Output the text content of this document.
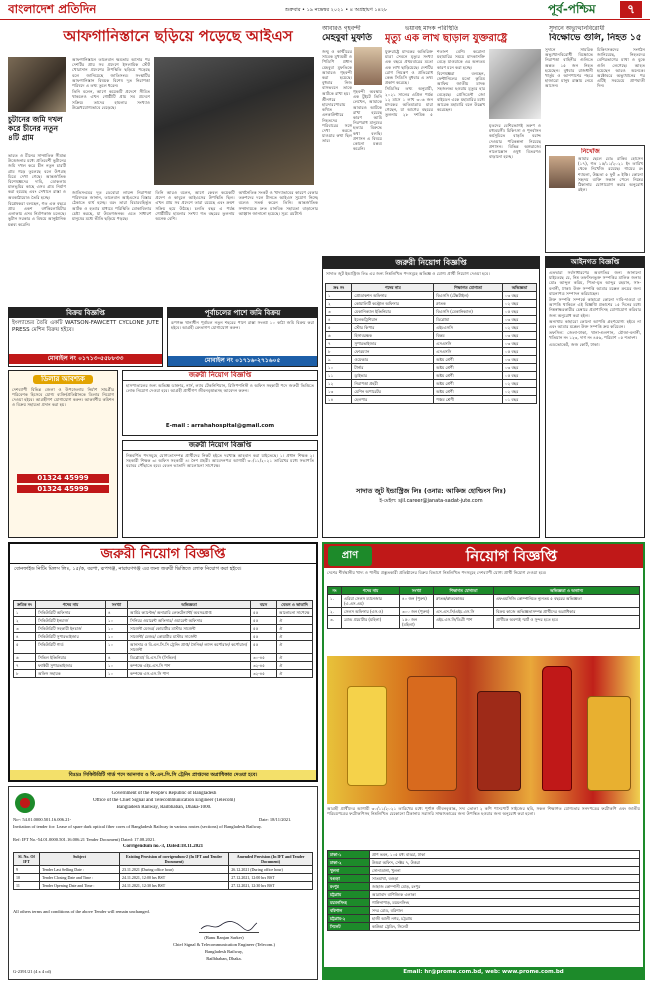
বাংলাদেশ প্রতিদিন	শুক্রবার • ১৯ নভেম্বর ২০২১ • ৪ অগ্রহায়ণ ১৪২৮	পূর্ব-পশ্চিম	৭
আফগানিস্তানে ছড়িয়ে পড়েছে আইএস
চুটানের জমি দখল করে চীনের নতুন ৪টি গ্রাম

ভারত ও চীনের সাম্প্রতিক সীমান্ত উত্তেজনার মধ্যে প্রতিবেশী ভুটানের জমি দখল করে চীন নতুন চারটি গ্রাম গড়ে তুলেছে বলে উপগ্রহ চিত্রে দেখা গেছে। আন্তর্জাতিক বিশেষজ্ঞদের দাবি, ডোকলাম মালভূমির কাছে এসব গ্রাম নির্মাণ করা হয়েছে এবং সেখানে রাস্তা ও অবকাঠামোও তৈরি হচ্ছে।

বিশ্লেষকরা বলছেন, গত এক বছরে প্রায় একশ বর্গকিলোমিটার এলাকায় এসব নির্মাণকাজ চলেছে। ভুটান সরকার এ বিষয়ে আনুষ্ঠানিক মন্তব্য করেনি।

আফগানিস্তানে তালেবান ক্ষমতায় আসার পর দেশটির প্রায় সব প্রদেশে ইসলামিক স্টেট খোরাসান প্রদেশের উপস্থিতি ছড়িয়ে পড়েছে বলে জানিয়েছে জাতিসংঘ। সংস্থাটির আফগানিস্তান বিষয়ক বিশেষ দূত নিরাপত্তা পরিষদে এ তথ্য তুলে ধরেন।

তিনি বলেন, আগে কয়েকটি প্রদেশে সীমিত থাকলেও এখন গোষ্ঠীটি প্রায় সব প্রদেশে সক্রিয়। তাদের হামলার সংখ্যাও উল্লেখযোগ্যভাবে বেড়েছে।

জাতিসংঘের দূত ডেবোরা লায়ন্স নিরাপত্তা পরিষদকে জানান, তালেবান আইএসের বিস্তার ঠেকাতে ব্যর্থ হচ্ছে। বরং তারা বিচারবহির্ভূত আটক ও হত্যার মাধ্যমে পরিস্থিতি মোকাবিলার চেষ্টা করছে, যা উদ্বেগজনক। এতে সাধারণ মানুষের মধ্যে ভীতি ছড়িয়ে পড়ছে।

তিনি আরও বলেন, আগে কেবল কয়েকটি প্রদেশ ও কাবুলে আইএসের উপস্থিতি ছিল। এখন প্রায় সব প্রদেশে তারা রয়েছে এবং ক্রমশ সক্রিয় হয়ে উঠছে। চলতি বছর এ পর্যন্ত গোষ্ঠীটির হামলার সংখ্যা গত বছরের তুলনায় অনেক বেশি।

অর্থনৈতিক সংকট ও খাদ্যাভাবের কারণে বেকার তরুণদের দলে টানতে আইএস সুযোগ নিচ্ছে বলেও সতর্ক করেন তিনি। আন্তর্জাতিক সম্প্রদায়কে দ্রুত মানবিক সহায়তা বাড়ানোর আহ্বান জানানো হয়েছে। সূত্র: রয়টার্স।

আবারও গৃহবন্দী
মেহবুবা মুফতি

জম্মু ও কাশ্মীরের সাবেক মুখ্যমন্ত্রী ও পিডিপি প্রধান মেহবুবা মুফতিকে আবারও গৃহবন্দী করা হয়েছে। বুধবার নিজ বাসভবনে তাকে আটকে রাখা হয়।

শ্রীনগরে হায়দারপোরায় কথিত এনকাউন্টারে নিহতদের পরিবারের সঙ্গে দেখা করতে যাওয়ার কথা ছিল তার।

গৃহবন্দী অবস্থায় এক টুইটে তিনি লেখেন, আমাকে আবারও আটকে রাখা হয়েছে কারণ আমি নিরপরাধ মানুষের হত্যার বিরুদ্ধে কথা বলছি। প্রশাসন এ বিষয়ে কোনো মন্তব্য করেনি।

ভয়াবহ মাদক পরিস্থিতি
মৃত্যু এক লাখ ছাড়াল যুক্তরাষ্ট্রে

যুক্তরাষ্ট্রে মাদকের অতিরিক্ত মাত্রা সেবনে মৃত্যুর সংখ্যা এক বছরে প্রথমবারের মতো এক লাখ ছাড়িয়েছে। দেশটির রোগ নিয়ন্ত্রণ ও প্রতিরোধ কেন্দ্র সিডিসি বুধবার এ তথ্য প্রকাশ করেছে।

সিডিসির তথ্য অনুযায়ী, ২০২১ সালের এপ্রিল পর্যন্ত ১২ মাসে ১ লাখ ৩০৬ জন মাদকের অতিমাত্রায় মারা গেছেন, যা আগের বছরের তুলনায় ২৮ দশমিক ৫ শতাংশ বেশি। করোনা মহামারির সময়ে মাদকাসক্তি বেড়ে যাওয়াকে এর অন্যতম কারণ মনে করা হচ্ছে।

বিশেষজ্ঞরা বলছেন, ফেন্টানিলের মতো কৃত্রিম আফিম জাতীয় মাদক সহজলভ্য হওয়ায় মৃত্যুর হার বেড়েছে। প্রেসিডেন্ট জো বাইডেন একে মহামারির মধ্যে আরেক মহামারি বলে উল্লেখ করেছেন।

মৃতদের বেশিরভাগই তরুণ ও মধ্যবয়সী। চিকিৎসা ও পুনর্বাসন কর্মসূচিতে বাড়তি বরাদ্দ দেওয়ার পরিকল্পনা নিয়েছে প্রশাসন। বিভিন্ন অঙ্গরাজ্যে নালোক্সোন ওষুধ বিতরণও বাড়ানো হচ্ছে।

সুদানে অভ্যুত্থানবিরোধী
বিক্ষোভে গুলি, নিহত ১৫

সুদানে সামরিক অভ্যুত্থানবিরোধী বিক্ষোভে নিরাপত্তা বাহিনীর গুলিতে অন্তত ১৫ জন নিহত হয়েছেন। বুধবার রাজধানী খার্তুম ও আশপাশের শহরে হাজারো মানুষ রাস্তায় নেমে আসেন।

চিকিৎসকদের সংগঠন জানিয়েছে, নিহতদের বেশিরভাগের মাথা ও বুকে গুলি লেগেছে। আহত হয়েছেন আরও অনেকে। অক্টোবরে অভ্যুত্থানের পর এটিই সবচেয়ে প্রাণঘাতী দিন।

নিখোঁজ

আমার ছেলে মোঃ রাকিব হোসেন (১৭), গত ১৫/১১/২০২১ ইং তারিখ থেকে নিখোঁজ রয়েছে। গায়ের রং শ্যামলা, উচ্চতা ৫ ফুট ৩ ইঞ্চি। কোনো সহৃদয় ব্যক্তি সন্ধান পেলে নিম্নের ঠিকানায় যোগাযোগ করার অনুরোধ রইল।

বিক্রয় বিজ্ঞপ্তি
ইংল্যান্ডের তৈরি একটি WATSON-FAWCETT CYCLONE JUTE PRESS মেশিন বিক্রয় হইবে।
মোবাইল নং ০১৭১৩-৫৫৮৮৩৩
পূর্বাচলের পাশে জমি বিক্রয়
রূপগঞ্জ থানাধীন পূর্বাচল নতুন শহরের পাশে রাস্তা সংলগ্ন ১০ কাঠা জমি বিক্রয় করা হইবে। আগ্রহী ক্রেতাগণ যোগাযোগ করুন।
মোবাইল নং ০১৭১৬-২৭১৬০৫
ডিলার আবশ্যক
দেশব্যাপী বিভিন্ন জেলা ও উপজেলায় নির্মাণ সামগ্রীর পরিবেশক হিসেবে যোগ্য ব্যক্তি/প্রতিষ্ঠানকে ডিলার নিয়োগ দেওয়া হইবে। আগ্রহীগণ যোগাযোগ করুন। আকর্ষণীয় কমিশন ও বিক্রয় সহায়তা প্রদান করা হয়।
01324 45999
01324 45999
জরুরী নিয়োগ বিজ্ঞপ্তি
হাসপাতালের জন্য অভিজ্ঞ ডাক্তার, নার্স, ল্যাব টেকনিশিয়ান, রিসিপশনিস্ট ও অফিস সহকারী পদে জরুরী ভিত্তিতে লোক নিয়োগ দেওয়া হবে। আগ্রহী প্রার্থীগণ জীবনবৃত্তান্তসহ আবেদন করুন।
E-mail : arrahahospital@gmail.com
জরুরী নিয়োগ বিজ্ঞপ্তি
নিম্নবর্ণিত পদসমূহে যোগ্যতাসম্পন্ন প্রার্থীদের নিকট হইতে দরখাস্ত আহবান করা যাইতেছে। ১। প্রধান শিক্ষক ২। সহকারী শিক্ষক ৩। অফিস সহকারী ৪। নৈশ প্রহরী। আবেদনপত্র আগামী ৩০/১১/২০২১ তারিখের মধ্যে সভাপতি বরাবর পৌঁছাতে হবে। বেতন ভাতাদি আলোচনা সাপেক্ষে।
জরুরী নিয়োগ বিজ্ঞপ্তি
সাদাত জুট ইন্ডাস্ট্রিজ লিঃ এর জন্য নিম্নলিখিত পদসমূহে অভিজ্ঞ ও যোগ্য প্রার্থী নিয়োগ দেওয়া হবে।
ক্রঃ নং	পদের নাম	শিক্ষাগত যোগ্যতা	অভিজ্ঞতা
১	প্রোডাকশন অফিসার	বিএসসি (টেক্সটাইল)	০৩ বছর
২	কোয়ালিটি কন্ট্রোল অফিসার	স্নাতক	০২ বছর
৩	মেকানিক্যাল ইঞ্জিনিয়ার	বিএসসি (মেকানিক্যাল)	০৫ বছর
৪	ইলেকট্রিশিয়ান	ডিপ্লোমা	০৩ বছর
৫	স্টোর কিপার	এইচএসসি	০২ বছর
৬	হিসাবরক্ষক	বিকম	০৩ বছর
৭	সুপারভাইজার	এসএসসি	০৩ বছর
৮	ফোরম্যান	এসএসসি	০৫ বছর
৯	ওয়েল্ডার	অষ্টম শ্রেণী	০৩ বছর
১০	টার্নার	অষ্টম শ্রেণী	০৩ বছর
১১	ড্রাইভার	অষ্টম শ্রেণী	০৫ বছর
১২	নিরাপত্তা প্রহরী	অষ্টম শ্রেণী	০২ বছর
১৩	মেশিন অপারেটর	অষ্টম শ্রেণী	০২ বছর
১৪	হেলপার	পঞ্চম শ্রেণী	০১ বছর
সাদাত জুট ইন্ডাস্ট্রিজ লিঃ (ওনার: আকিজ হোল্ডিংস লিঃ)
ই-মেইল: sjil.career@janata-sadat-jute.com
আইনগত বিজ্ঞপ্তি

এতদ্বারা সর্বসাধারণের অবগতির জন্য জানানো যাইতেছে যে, নিম্ন তফসিলভুক্ত সম্পত্তির মালিক জনাব মোঃ আব্দুল করিম, পিতা-মৃত আব্দুর রহমান, সাং-বনানী, ঢাকা। উক্ত সম্পত্তি আমার মক্কেল ক্রয়ের জন্য বায়নাপত্র সম্পাদন করিয়াছেন।

উক্ত সম্পত্তি সম্পর্কে কাহারো কোনো দাবি-দাওয়া বা আপত্তি থাকিলে এই বিজ্ঞপ্তি প্রকাশের ১৫ দিনের মধ্যে নিম্নস্বাক্ষরকারীর চেম্বারে প্রমাণাদিসহ যোগাযোগ করিবার জন্য অনুরোধ করা হইল।

অন্যথায় কাহারো কোনো আপত্তি গ্রহণযোগ্য হইবে না এবং আমার মক্কেল উক্ত সম্পত্তি ক্রয় করিবেন।

তফসিল: জেলা-ঢাকা, থানা-গুলশান, মৌজা-বনানী, খতিয়ান নং ১২৩, দাগ নং ৪৫৬, পরিমাণ ০৫ শতাংশ।

এডভোকেট, জজ কোর্ট, ঢাকা।

জরুরী নিয়োগ বিজ্ঞপ্তি
বোনফাইড নিটিং মিলস লিঃ, ১৫/ক, বরপা, রূপগঞ্জ, নারায়ণগঞ্জ এর জন্য জরুরী ভিত্তিতে লোক নিয়োগ করা হইবে।
ক্রমিক নং	পদের নাম	সংখ্যা	অভিজ্ঞতা	বয়স	বেতন ও ভাতাদি
১	সিকিউরিটি অফিসার	৪	আর্মির ক্যাপ্টেন/ অনারারি লেফটেন্যান্ট/ অবসরপ্রাপ্ত	৫৫	আলোচনা সাপেক্ষে
২	সিকিউরিটি ইনচার্জ	১০	সিনিয়র ওয়ারেন্ট অফিসার/ ওয়ারেন্ট অফিসার	৫৫	ঐ
৩	সিকিউরিটি সহকারী ইনচার্জ	১০	সার্জেন্ট মেজর/ কোয়ার্টার মাস্টার সার্জেন্ট	৫৫	ঐ
৪	সিকিউরিটি সুপারভাইজার	১০	সার্জেন্ট/ মেজর/ কোয়ার্টার মাস্টার সার্জেন্ট	৫৫	ঐ
৫	সিকিউরিটি গার্ড	১০	আনসার ও বি.এন.সি.সি ট্রেনিং প্রাপ্ত/ সৈনিক/ ল্যান্স কর্পোরাল/ কর্পোরাল/ সার্জেন্ট	৫৫	ঐ
৬	সিভিল ইঞ্জিনিয়ার	৪	ডিপ্লোমা/ বি.এস.সি (সিভিল)	৩০-৪৫	ঐ
৭	ফ্যাক্টরী সুপারভাইজার	১০	কম্পক্ষে এইচ.এস.সি পাশ	৩২-৪৫	ঐ
৮	অফিস সহায়ক	১০	কম্পক্ষে এস.এস.সি পাশ	৩২-৪৫	ঐ
বিঃদ্রঃ সিকিউরিটি গার্ড পদে আনসার ও বি.এন.সি.সি ট্রেনিং প্রাপ্তদের অগ্রাধিকার দেওয়া হবে।
প্রাণ	নিয়োগ বিজ্ঞপ্তি
দেশের শীর্ষস্থানীয় খাদ্য ও পানীয় প্রস্তুতকারী প্রতিষ্ঠানের বিক্রয় বিভাগে নিম্নলিখিত পদসমূহে দেশব্যাপী যোগ্য প্রার্থী নিয়োগ দেওয়া হবে।
নং	পদের নাম	সংখ্যা	শিক্ষাগত যোগ্যতা	অভিজ্ঞতা ও অন্যান্য
১.	এরিয়া সেলস ম্যানেজার (এ.এস.এম)	৪০ জন (পুরুষ)	স্নাতক/স্নাতকোত্তর	এফএমসিজি কোম্পানিতে ন্যূনতম ৫ বছরের অভিজ্ঞতা
২.	সেলস অফিসার (এস.ও)	৩০০ জন (পুরুষ)	এস.এস.সি/এইচ.এস.সি	বিক্রয় কাজে অভিজ্ঞতাসম্পন্ন প্রার্থীদের অগ্রাধিকার
৩.	ব্র্যান্ড প্রমোটার (মহিলা)	১৫০ জন (মহিলা)	এইচ.এস.সি/ডিগ্রী পাশ	প্রার্থীকে অবশ্যই স্মার্ট ও সুন্দর হতে হবে
আগ্রহী প্রার্থীদের আগামী ৩০/১১/২০২১ তারিখের মধ্যে পূর্ণাঙ্গ জীবনবৃত্তান্ত, সদ্য তোলা ২ কপি পাসপোর্ট সাইজের ছবি, সকল শিক্ষাগত যোগ্যতার সনদপত্রের ফটোকপি এবং জাতীয় পরিচয়পত্রের ফটোকপিসহ নিম্নলিখিত যেকোনো ঠিকানায় সরাসরি সাক্ষাৎকারের জন্য উপস্থিত হওয়ার জন্য অনুরোধ করা হলো।
ঢাকা-১	প্রাণ ভবন, ১০৫ মধ্য বাড্ডা, ঢাকা
ঢাকা-২	উত্তরা অফিস, সেক্টর ৭, উত্তরা
খুলনা	সোনাডাঙ্গা, খুলনা
বগুড়া	সাতমাথা, বগুড়া
রংপুর	জাহাজ কোম্পানী মোড়, রংপুর
চট্টগ্রাম	আগ্রাবাদ বাণিজ্যিক এলাকা
ময়মনসিংহ	গাঙ্গিনাপাড়, ময়মনসিংহ
বরিশাল	সদর রোড, বরিশাল
চট্টগ্রাম-২	হাজী আলী নগর, চট্টগ্রাম
সিলেট	কাউন্ডা ট্রেডিং, সিলেট
Email: hr@prome.com.bd, web: www.prome.com.bd
Government of the People's Republic of Bangladesh
Office of the Chief Signal and Telecommunication Engineer (Telecom)
Bangladesh Railway, Railbhaban, Dhaka-1000.
No-: 54.01.0000.501.16.006.21-	Date: 18/11/2021.
Invitation of tender for: Lease of spare dark optical fiber cores of Bangladesh Railway in various routes (sections) of Bangladesh Railway.
Ref: IFT No.-54.01.0000.501.16.006.21 Tender Document) Dated: 17.08.2021.
Corrigendum no.-3, Dated:18.11.2021
Sl. No. Of IFT	Subject	Existing Provision of corrigendum-2 (In IFT and Tender Document)	Amended Provision (In IFT and Tender Document)
9	Tender Last Selling Date :	23.11.2021 (During office hour)	26.12.2021 (During office hour)
10	Tender Closing Date and Time :	24.11.2021, 12:00 hrs BST	27.12.2021, 12:00 hrs BST
11	Tender Opening Date and Time :	24.11.2021, 12:30 hrs BST	27.12.2021, 12:30 hrs BST
All others terms and conditions of the above Tender will remain unchanged.
(Banu Ranjan Sarker)
Chief Signal & Telecommunication Engineer (Telecom.)
Bangladesh Railway,
Railbhaban, Dhaka.
G-2391/21 (4 x 4 cd)
